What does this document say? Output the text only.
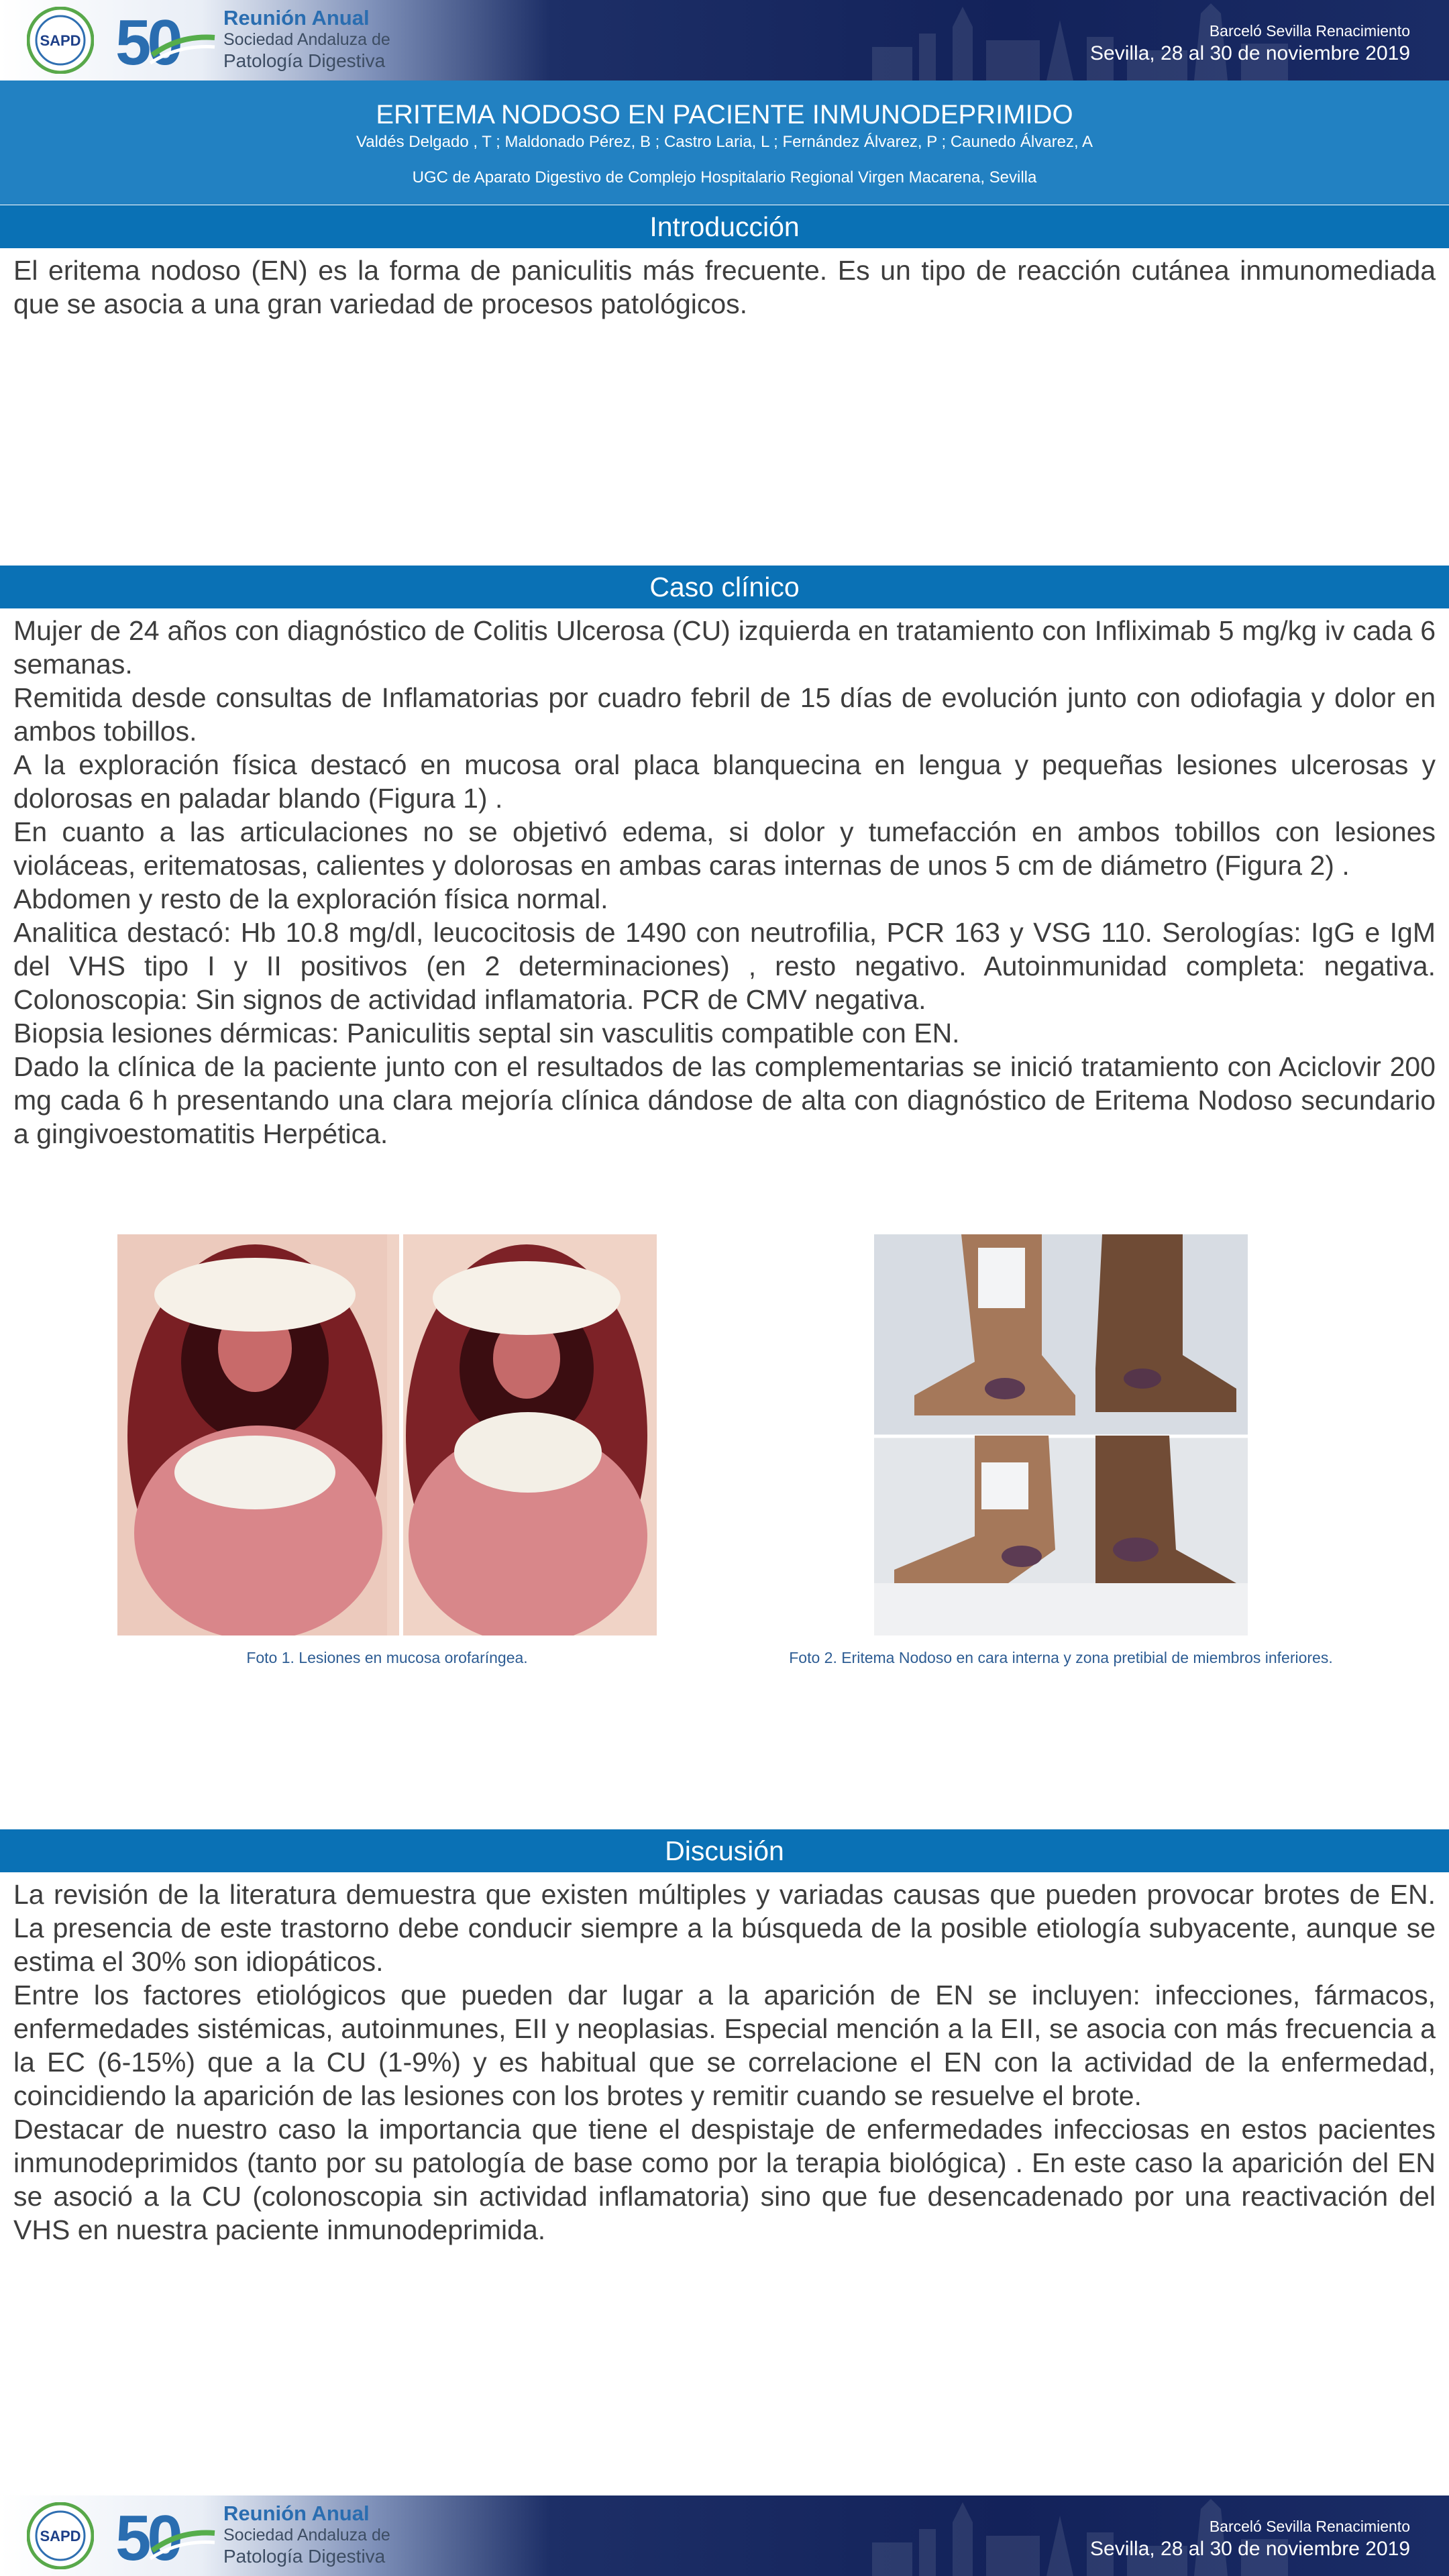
⁠ ⁠ ⁠ ⁠ ⁠ ⁠ ⁠ ⁠ ⁠ ⁠ ⁠ ⁠ ⁠ ⁠ ⁠ ⁠ ⁠ ⁠ ⁠ ⁠ ⁠ ⁠
SAPD 50 Reunión Anual
Sociedad Andaluza de
Patología Digestiva
Barceló Sevilla Renacimiento
Sevilla, 28 al 30 de noviembre 2019
ERITEMA NODOSO EN PACIENTE INMUNODEPRIMIDO
Valdés Delgado , T ; Maldonado Pérez, B ; Castro Laria, L ; Fernández Álvarez, P ; Caunedo Álvarez, A
UGC de Aparato Digestivo de Complejo Hospitalario Regional Virgen Macarena, Sevilla
Introducción

El eritema nodoso (EN) es la forma de paniculitis más frecuente. Es un tipo de reacción cutánea inmunomediada que se asocia a una gran variedad de procesos patológicos.

Caso clínico

Mujer de 24 años con diagnóstico de Colitis Ulcerosa (CU) izquierda en tratamiento con Infliximab 5 mg/kg iv cada 6 semanas.

Remitida desde consultas de Inflamatorias por cuadro febril de 15 días de evolución junto con odiofagia y dolor en ambos tobillos.

A la exploración física destacó en mucosa oral placa blanquecina en lengua y pequeñas lesiones ulcerosas y dolorosas en paladar blando (Figura 1) .

En cuanto a las articulaciones no se objetivó edema, si dolor y tumefacción en ambos tobillos con lesiones violáceas, eritematosas, calientes y dolorosas en ambas caras internas de unos 5 cm de diámetro (Figura 2) .

Abdomen y resto de la exploración física normal.

Analitica destacó: Hb 10.8 mg/dl, leucocitosis de 1490 con neutrofilia, PCR 163 y VSG 110. Serologías: IgG e IgM del VHS tipo I y II positivos (en 2 determinaciones) , resto negativo. Autoinmunidad completa: negativa. Colonoscopia: Sin signos de actividad inflamatoria. PCR de CMV negativa.

Biopsia lesiones dérmicas: Paniculitis septal sin vasculitis compatible con EN.

Dado la clínica de la paciente junto con el resultados de las complementarias se inició tratamiento con Aciclovir 200 mg cada 6 h presentando una clara mejoría clínica dándose de alta con diagnóstico de Eritema Nodoso secundario a gingivoestomatitis Herpética.

Foto 1. Lesiones en mucosa orofaríngea.	Foto 2. Eritema Nodoso en cara interna y zona pretibial de miembros inferiores.
Discusión

La revisión de la literatura demuestra que existen múltiples y variadas causas que pueden provocar brotes de EN. La presencia de este trastorno debe conducir siempre a la búsqueda de la posible etiología subyacente, aunque se estima el 30% son idiopáticos.

Entre los factores etiológicos que pueden dar lugar a la aparición de EN se incluyen: infecciones, fármacos, enfermedades sistémicas, autoinmunes, EII y neoplasias. Especial mención a la EII, se asocia con más frecuencia a la EC (6-15%) que a la CU (1-9%) y es habitual que se correlacione el EN con la actividad de la enfermedad, coincidiendo la aparición de las lesiones con los brotes y remitir cuando se resuelve el brote.

Destacar de nuestro caso la importancia que tiene el despistaje de enfermedades infecciosas en estos pacientes inmunodeprimidos (tanto por su patología de base como por la terapia biológica) . En este caso la aparición del EN se asoció a la CU (colonoscopia sin actividad inflamatoria) sino que fue desencadenado por una reactivación del VHS en nuestra paciente inmunodeprimida.

SAPD 50 Reunión Anual
Sociedad Andaluza de
Patología Digestiva
Barceló Sevilla Renacimiento
Sevilla, 28 al 30 de noviembre 2019
